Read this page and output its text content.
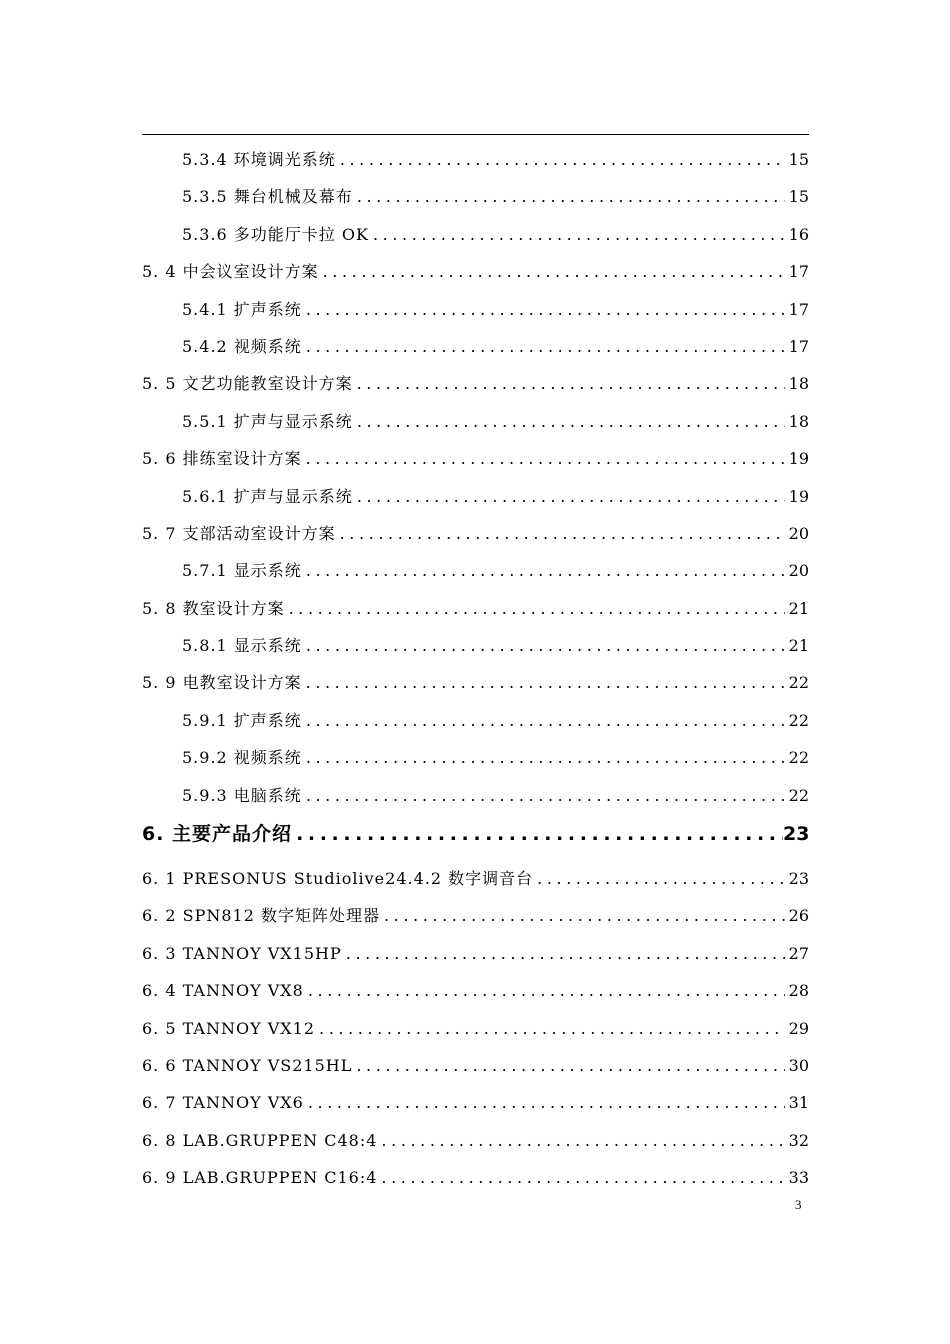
5.3.4 环境调光系统 .....	15
5.3.5 舞台机械及幕布 .....	15
5.3.6 多功能厅卡拉 OK .....	16
5. 4 中会议室设计方案 .....	17
5.4.1 扩声系统 .....	17
5.4.2 视频系统 .....	17
5. 5 文艺功能教室设计方案 .....	18
5.5.1 扩声与显示系统 .....	18
5. 6 排练室设计方案 .....	19
5.6.1 扩声与显示系统 .....	19
5. 7 支部活动室设计方案 .....	20
5.7.1 显示系统 .....	20
5. 8 教室设计方案 .....	21
5.8.1 显示系统 .....	21
5. 9 电教室设计方案 .....	22
5.9.1 扩声系统 .....	22
5.9.2 视频系统 .....	22
5.9.3 电脑系统 .....	22
6. 主要产品介绍 .....	23
6. 1 PRESONUS Studiolive24.4.2 数字调音台 .....	23
6. 2 SPN812 数字矩阵处理器 .....	26
6. 3 TANNOY VX15HP .....	27
6. 4 TANNOY VX8 .....	28
6. 5 TANNOY VX12 .....	29
6. 6 TANNOY VS215HL .....	30
6. 7 TANNOY VX6 .....	31
6. 8 LAB.GRUPPEN C48:4 .....	32
6. 9 LAB.GRUPPEN C16:4 .....	33
3
